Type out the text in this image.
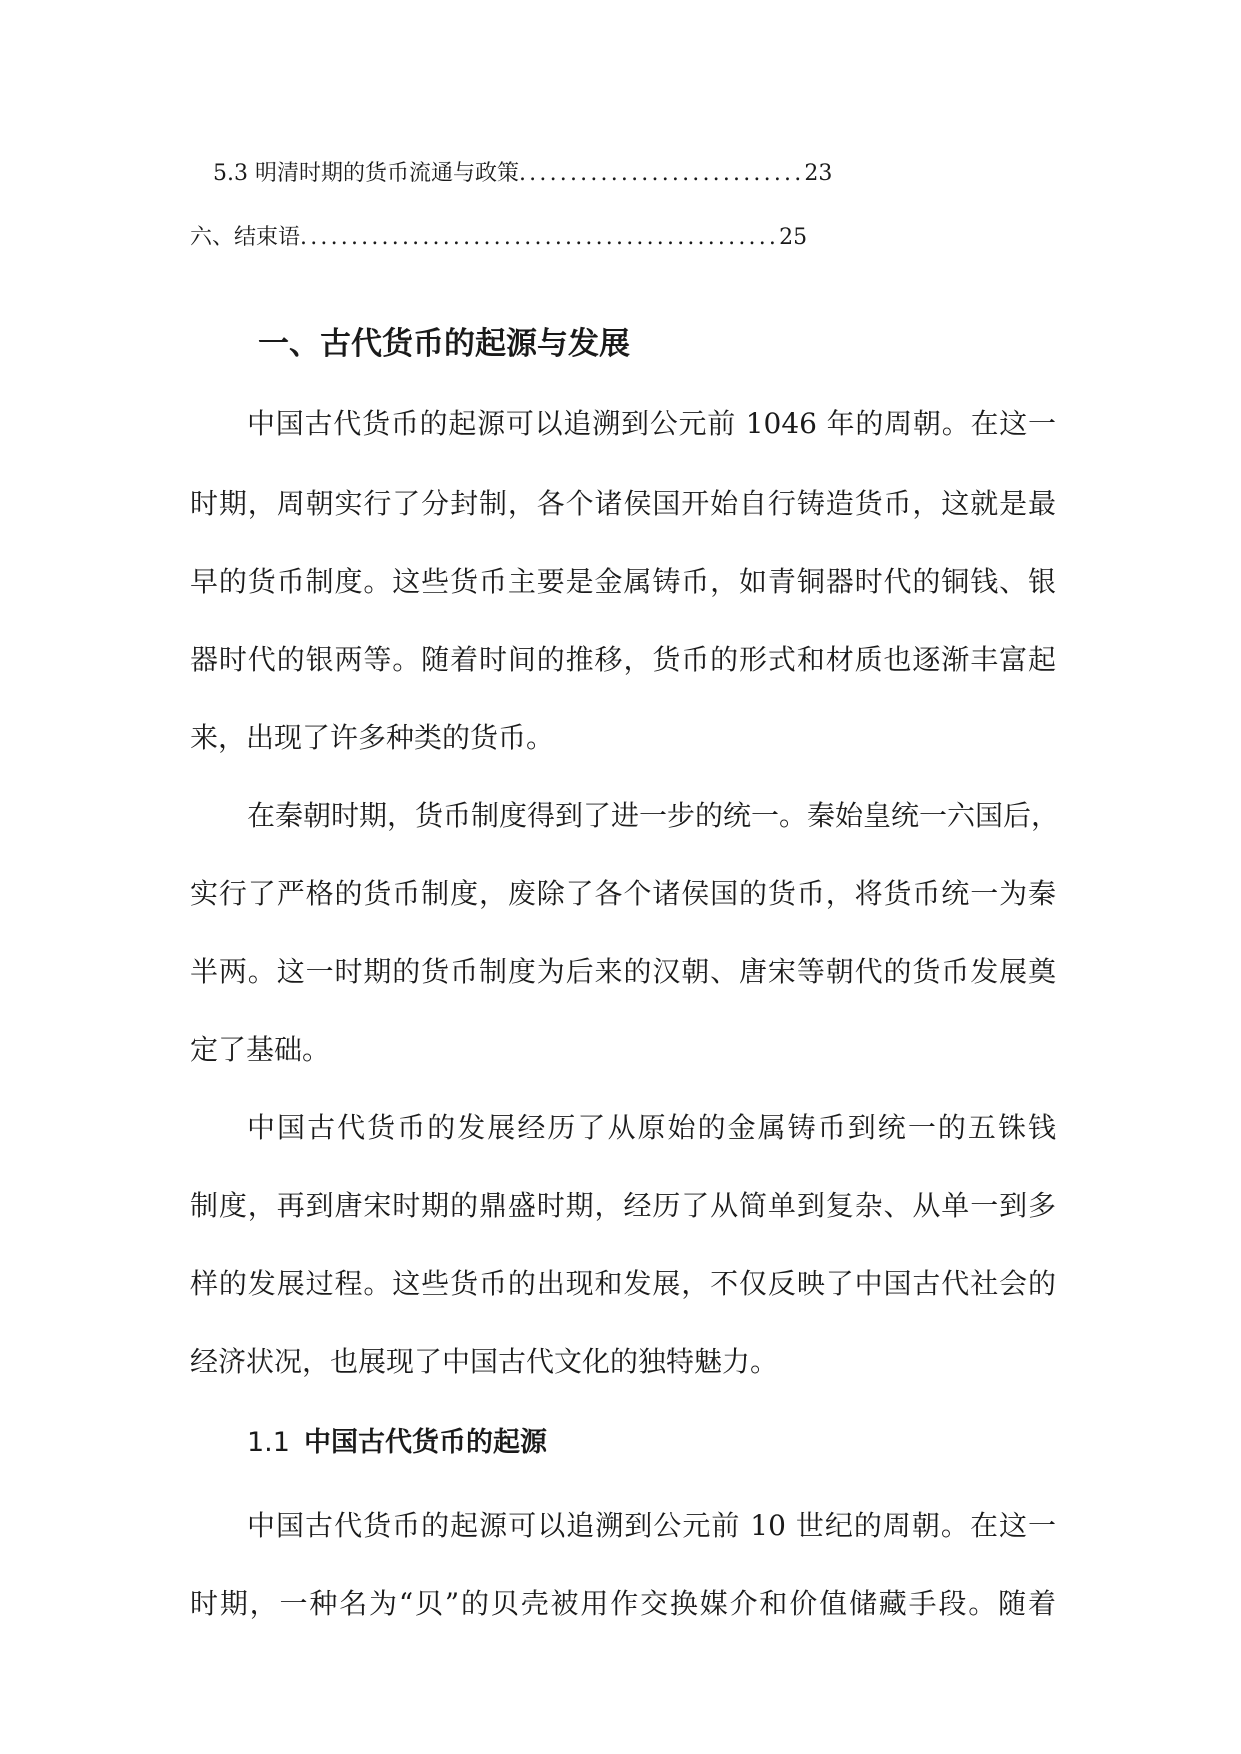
5.3 明清时期的货币流通与政策............................23
六、结束语...............................................25
一、古代货币的起源与发展
中国古代货币的起源可以追溯到公元前 1046 年的周朝。在这一
时期，周朝实行了分封制，各个诸侯国开始自行铸造货币，这就是最
早的货币制度。这些货币主要是金属铸币，如青铜器时代的铜钱、银
器时代的银两等。随着时间的推移，货币的形式和材质也逐渐丰富起
来，出现了许多种类的货币。
在秦朝时期，货币制度得到了进一步的统一。秦始皇统一六国后，
实行了严格的货币制度，废除了各个诸侯国的货币，将货币统一为秦
半两。这一时期的货币制度为后来的汉朝、唐宋等朝代的货币发展奠
定了基础。
中国古代货币的发展经历了从原始的金属铸币到统一的五铢钱
制度，再到唐宋时期的鼎盛时期，经历了从简单到复杂、从单一到多
样的发展过程。这些货币的出现和发展，不仅反映了中国古代社会的
经济状况，也展现了中国古代文化的独特魅力。
1.1 中国古代货币的起源
中国古代货币的起源可以追溯到公元前 10 世纪的周朝。在这一
时期，一种名为“贝”的贝壳被用作交换媒介和价值储藏手段。随着
